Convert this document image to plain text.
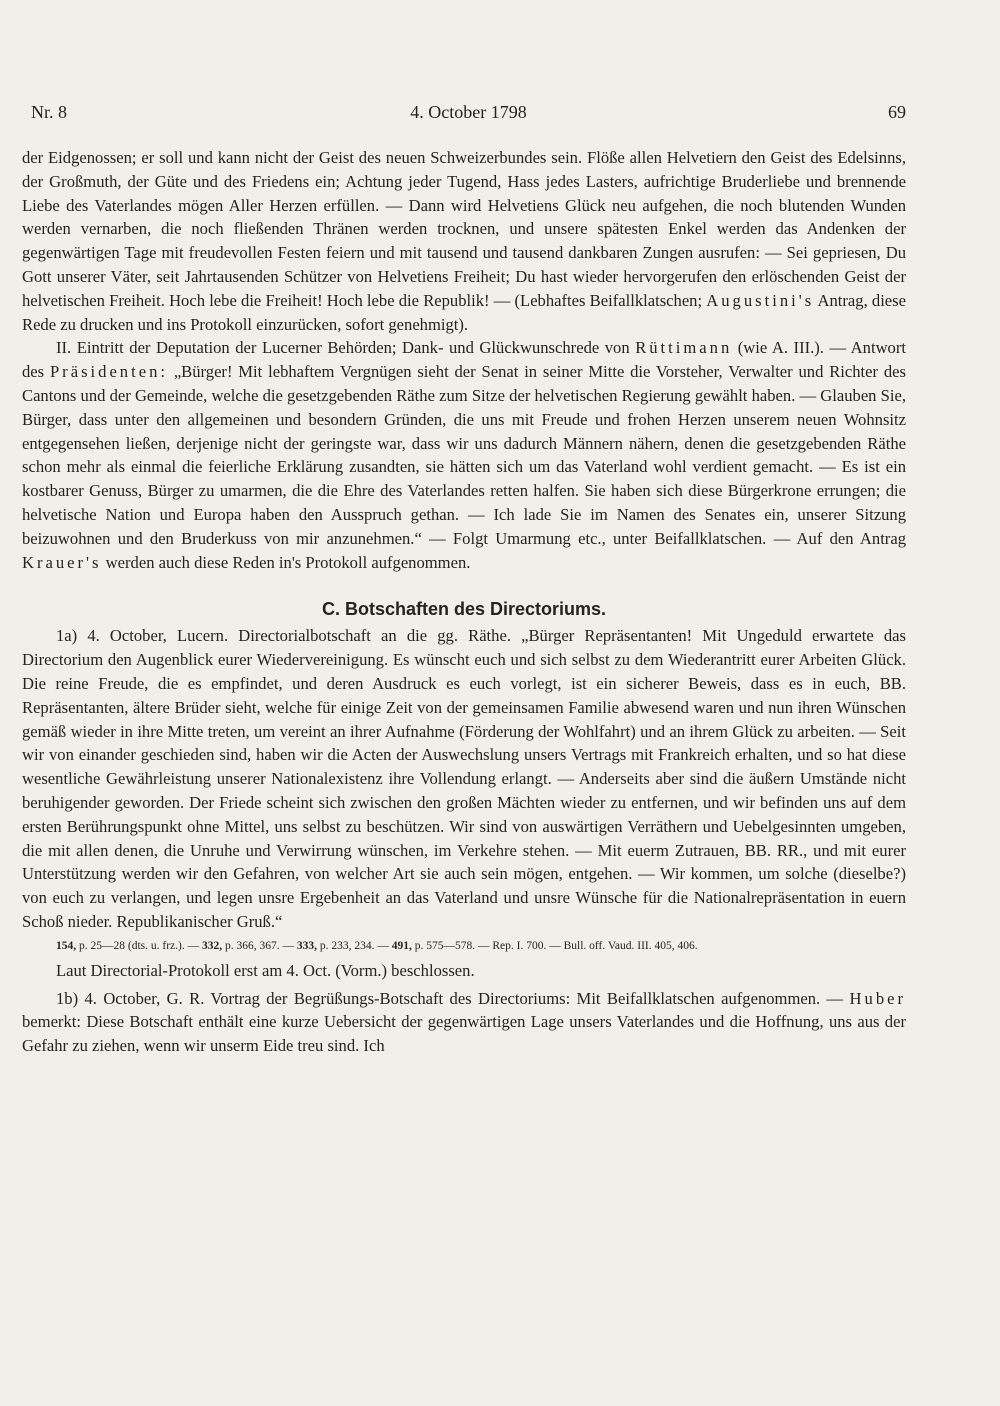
Nr. 8	4. October 1798	69

der Eidgenossen; er soll und kann nicht der Geist des neuen Schweizerbundes sein. Flöße allen Helvetiern den Geist des Edelsinns, der Großmuth, der Güte und des Friedens ein; Achtung jeder Tugend, Hass jedes Lasters, aufrichtige Bruderliebe und brennende Liebe des Vaterlandes mögen Aller Herzen erfüllen. — Dann wird Helvetiens Glück neu aufgehen, die noch blutenden Wunden werden vernarben, die noch fließenden Thränen werden trocknen, und unsere spätesten Enkel werden das Andenken der gegenwärtigen Tage mit freudevollen Festen feiern und mit tausend und tausend dankbaren Zungen ausrufen: — Sei gepriesen, Du Gott unserer Väter, seit Jahrtausenden Schützer von Helvetiens Freiheit; Du hast wieder hervorgerufen den erlöschenden Geist der helvetischen Freiheit. Hoch lebe die Freiheit! Hoch lebe die Republik! — (Lebhaftes Beifallklatschen; Augustini's Antrag, diese Rede zu drucken und ins Protokoll einzurücken, sofort genehmigt).

II. Eintritt der Deputation der Lucerner Behörden; Dank- und Glückwunschrede von Rüttimann (wie A. III.). — Antwort des Präsidenten: „Bürger! Mit lebhaftem Vergnügen sieht der Senat in seiner Mitte die Vorsteher, Verwalter und Richter des Cantons und der Gemeinde, welche die gesetzgebenden Räthe zum Sitze der helvetischen Regierung gewählt haben. — Glauben Sie, Bürger, dass unter den allgemeinen und besondern Gründen, die uns mit Freude und frohen Herzen unserem neuen Wohnsitz entgegensehen ließen, derjenige nicht der geringste war, dass wir uns dadurch Männern nähern, denen die gesetzgebenden Räthe schon mehr als einmal die feierliche Erklärung zusandten, sie hätten sich um das Vaterland wohl verdient gemacht. — Es ist ein kostbarer Genuss, Bürger zu umarmen, die die Ehre des Vaterlandes retten halfen. Sie haben sich diese Bürgerkrone errungen; die helvetische Nation und Europa haben den Ausspruch gethan. — Ich lade Sie im Namen des Senates ein, unserer Sitzung beizuwohnen und den Bruderkuss von mir anzunehmen.“ — Folgt Umarmung etc., unter Beifallklatschen. — Auf den Antrag Krauer's werden auch diese Reden in's Protokoll aufgenommen.

C. Botschaften des Directoriums.

1a) 4. October, Lucern. Directorialbotschaft an die gg. Räthe. „Bürger Repräsentanten! Mit Ungeduld erwartete das Directorium den Augenblick eurer Wiedervereinigung. Es wünscht euch und sich selbst zu dem Wiederantritt eurer Arbeiten Glück. Die reine Freude, die es empfindet, und deren Ausdruck es euch vorlegt, ist ein sicherer Beweis, dass es in euch, BB. Repräsentanten, ältere Brüder sieht, welche für einige Zeit von der gemeinsamen Familie abwesend waren und nun ihren Wünschen gemäß wieder in ihre Mitte treten, um vereint an ihrer Aufnahme (Förderung der Wohlfahrt) und an ihrem Glück zu arbeiten. — Seit wir von einander geschieden sind, haben wir die Acten der Auswechslung unsers Vertrags mit Frankreich erhalten, und so hat diese wesentliche Gewährleistung unserer Nationalexistenz ihre Vollendung erlangt. — Anderseits aber sind die äußern Umstände nicht beruhigender geworden. Der Friede scheint sich zwischen den großen Mächten wieder zu entfernen, und wir befinden uns auf dem ersten Berührungspunkt ohne Mittel, uns selbst zu beschützen. Wir sind von auswärtigen Verräthern und Uebelgesinnten umgeben, die mit allen denen, die Unruhe und Verwirrung wünschen, im Verkehre stehen. — Mit euerm Zutrauen, BB. RR., und mit eurer Unterstützung werden wir den Gefahren, von welcher Art sie auch sein mögen, entgehen. — Wir kommen, um solche (dieselbe?) von euch zu verlangen, und legen unsre Ergebenheit an das Vaterland und unsre Wünsche für die Nationalrepräsentation in euern Schoß nieder. Republikanischer Gruß.“

154, p. 25—28 (dts. u. frz.). — 332, p. 366, 367. — 333, p. 233, 234. — 491, p. 575—578. — Rep. I. 700. — Bull. off. Vaud. III. 405, 406.

Laut Directorial-Protokoll erst am 4. Oct. (Vorm.) beschlossen.

1b) 4. October, G. R. Vortrag der Begrüßungs-Botschaft des Directoriums: Mit Beifallklatschen aufgenommen. — Huber bemerkt: Diese Botschaft enthält eine kurze Uebersicht der gegenwärtigen Lage unsers Vaterlandes und die Hoffnung, uns aus der Gefahr zu ziehen, wenn wir unserm Eide treu sind. Ich
